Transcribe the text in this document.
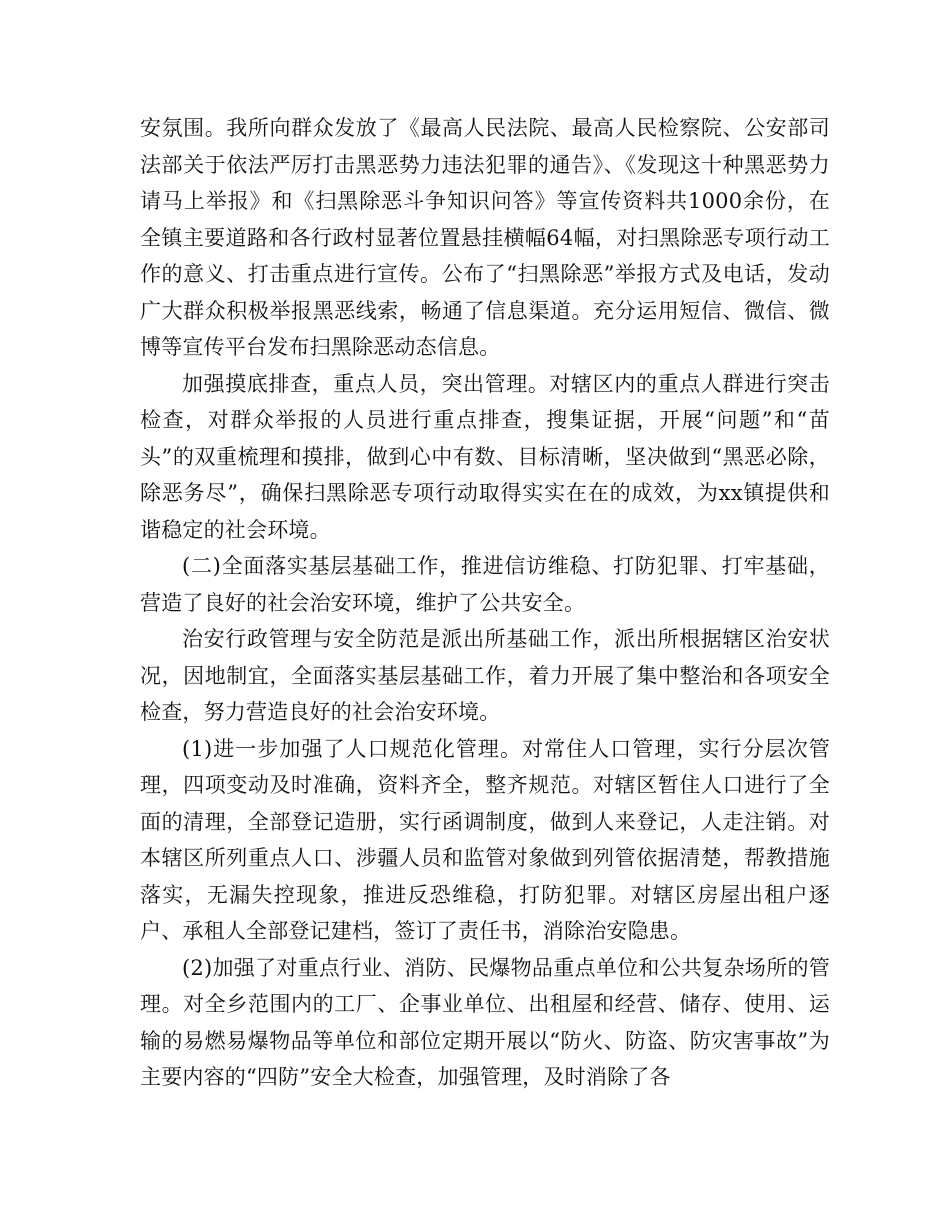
安氛围。我所向群众发放了《最高人民法院、最高人民检察院、公安部司法部关于依法严厉打击黑恶势力违法犯罪的通告》、《发现这十种黑恶势力请马上举报》和《扫黑除恶斗争知识问答》等宣传资料共1000余份，在全镇主要道路和各行政村显著位置悬挂横幅64幅，对扫黑除恶专项行动工作的意义、打击重点进行宣传。公布了“扫黑除恶”举报方式及电话，发动广大群众积极举报黑恶线索，畅通了信息渠道。充分运用短信、微信、微博等宣传平台发布扫黑除恶动态信息。

加强摸底排查，重点人员，突出管理。对辖区内的重点人群进行突击检查，对群众举报的人员进行重点排查，搜集证据，开展“问题”和“苗头”的双重梳理和摸排，做到心中有数、目标清晰，坚决做到“黑恶必除，除恶务尽”，确保扫黑除恶专项行动取得实实在在的成效，为xx镇提供和谐稳定的社会环境。

(二)全面落实基层基础工作，推进信访维稳、打防犯罪、打牢基础，营造了良好的社会治安环境，维护了公共安全。

治安行政管理与安全防范是派出所基础工作，派出所根据辖区治安状况，因地制宜，全面落实基层基础工作，着力开展了集中整治和各项安全检查，努力营造良好的社会治安环境。

(1)进一步加强了人口规范化管理。对常住人口管理，实行分层次管理，四项变动及时准确，资料齐全，整齐规范。对辖区暂住人口进行了全面的清理，全部登记造册，实行函调制度，做到人来登记，人走注销。对本辖区所列重点人口、涉疆人员和监管对象做到列管依据清楚，帮教措施落实，无漏失控现象，推进反恐维稳，打防犯罪。对辖区房屋出租户逐户、承租人全部登记建档，签订了责任书，消除治安隐患。

(2)加强了对重点行业、消防、民爆物品重点单位和公共复杂场所的管理。对全乡范围内的工厂、企事业单位、出租屋和经营、储存、使用、运输的易燃易爆物品等单位和部位定期开展以“防火、防盗、防灾害事故”为主要内容的“四防”安全大检查，加强管理，及时消除了各
